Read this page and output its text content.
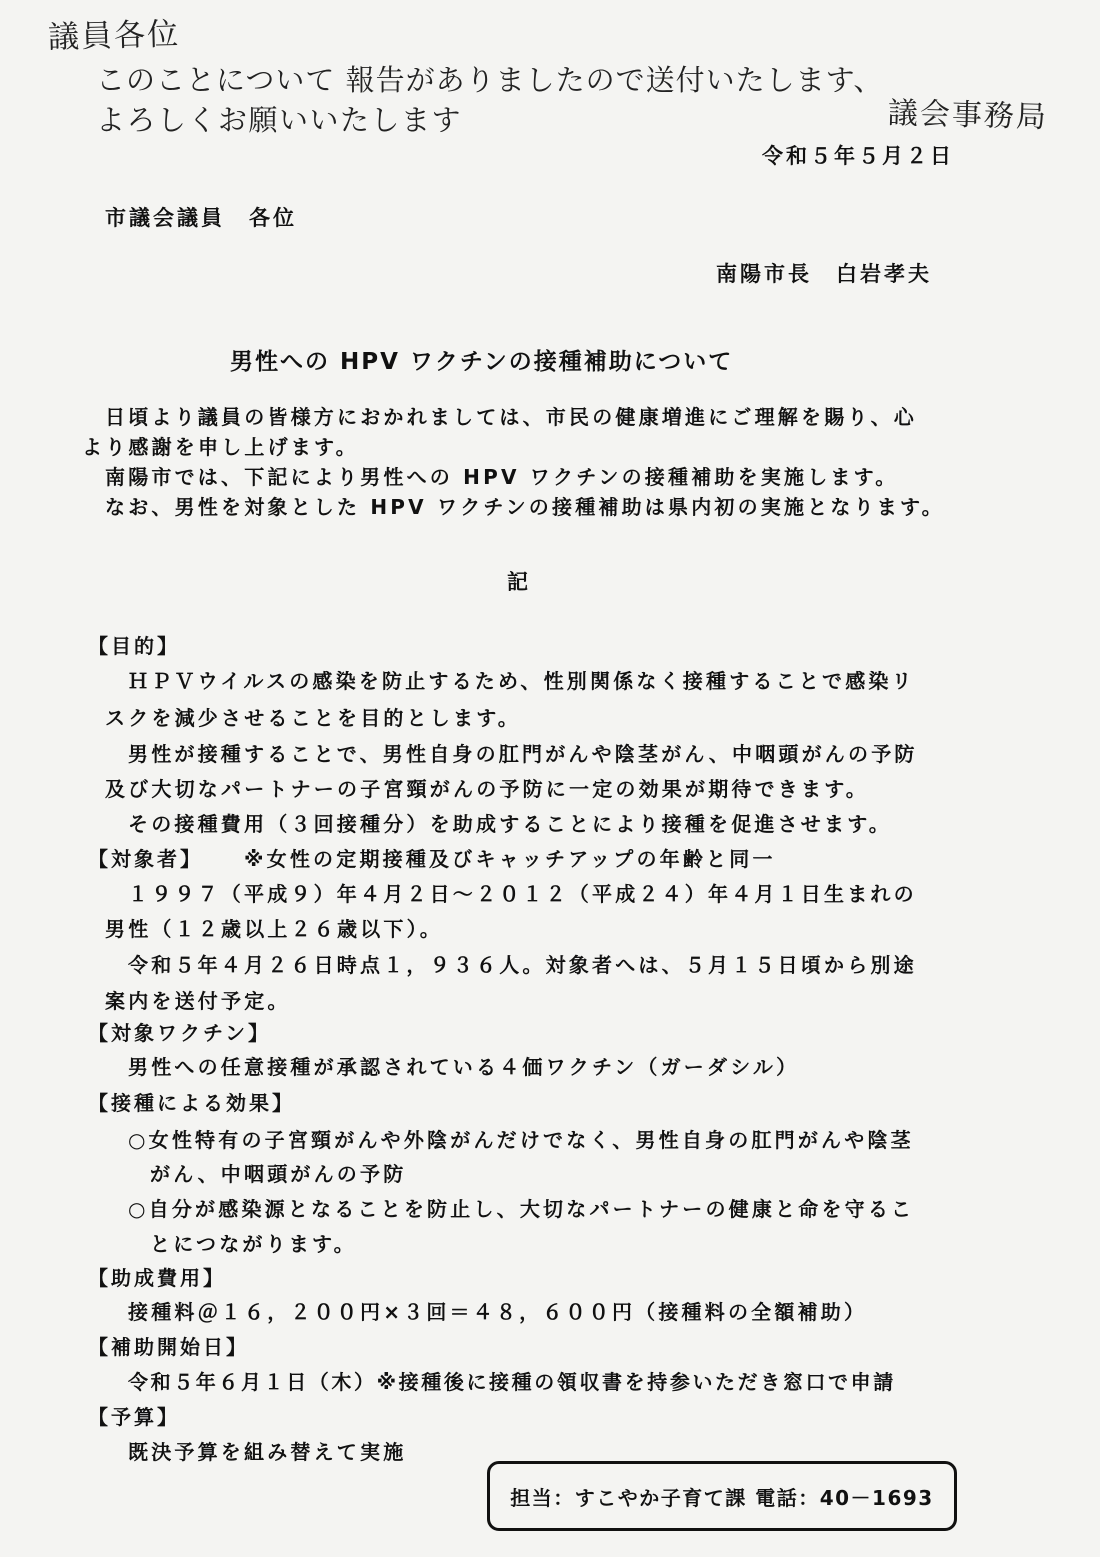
議員各位
このことについて 報告がありましたので送付いたします、
よろしくお願いいたします	議会事務局
令和５年５月２日
市議会議員　各位
南陽市長　白岩孝夫
男性への HPV ワクチンの接種補助について
日頃より議員の皆様方におかれましては、市民の健康増進にご理解を賜り、心
より感謝を申し上げます。
南陽市では、下記により男性への HPV ワクチンの接種補助を実施します。
なお、男性を対象とした HPV ワクチンの接種補助は県内初の実施となります。
記
【目的】
ＨＰＶウイルスの感染を防止するため、性別関係なく接種することで感染リ
スクを減少させることを目的とします。
男性が接種することで、男性自身の肛門がんや陰茎がん、中咽頭がんの予防
及び大切なパートナーの子宮頸がんの予防に一定の効果が期待できます。
その接種費用（３回接種分）を助成することにより接種を促進させます。
【対象者】 ※女性の定期接種及びキャッチアップの年齢と同一
１９９７（平成９）年４月２日～２０１２（平成２４）年４月１日生まれの
男性（１２歳以上２６歳以下）。
令和５年４月２６日時点１，９３６人。対象者へは、５月１５日頃から別途
案内を送付予定。
【対象ワクチン】
男性への任意接種が承認されている４価ワクチン（ガーダシル）
【接種による効果】
○女性特有の子宮頸がんや外陰がんだけでなく、男性自身の肛門がんや陰茎
がん、中咽頭がんの予防
○自分が感染源となることを防止し、大切なパートナーの健康と命を守るこ
とにつながります。
【助成費用】
接種料＠１６，２００円×３回＝４８，６００円（接種料の全額補助）
【補助開始日】
令和５年６月１日（木）※接種後に接種の領収書を持参いただき窓口で申請
【予算】
既決予算を組み替えて実施
担当：すこやか子育て課 電話：40－1693
